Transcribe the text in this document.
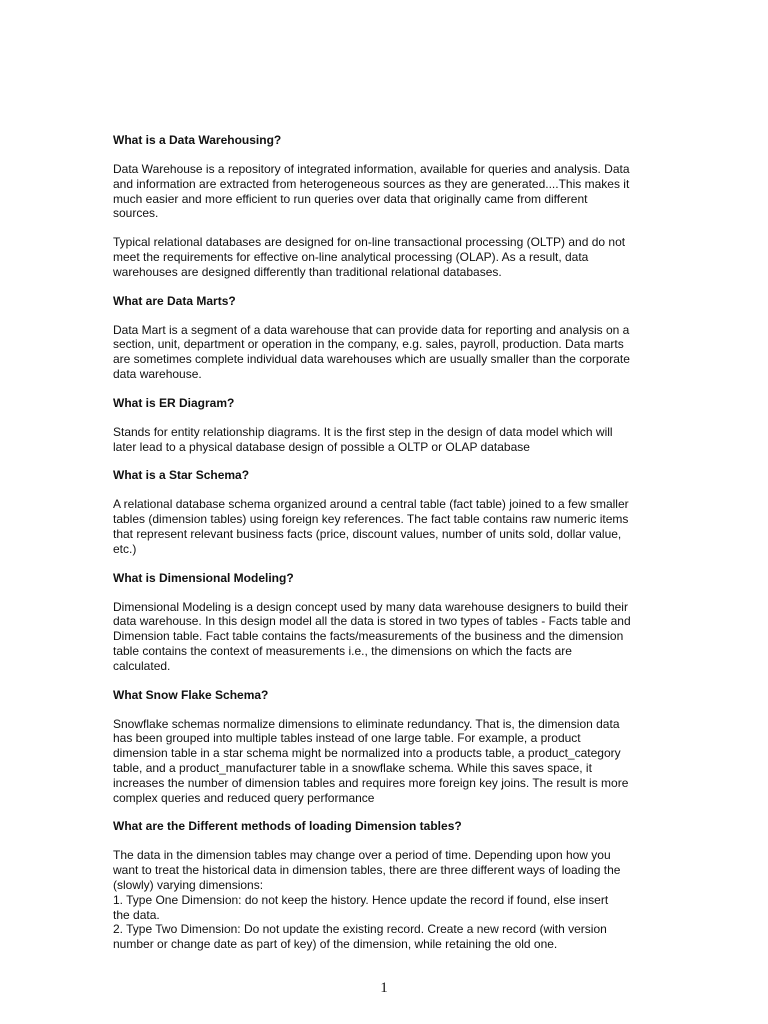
What is a Data Warehousing?
Data Warehouse is a repository of integrated information, available for queries and analysis. Data
and information are extracted from heterogeneous sources as they are generated....This makes it
much easier and more efficient to run queries over data that originally came from different
sources.
Typical relational databases are designed for on-line transactional processing (OLTP) and do not
meet the requirements for effective on-line analytical processing (OLAP). As a result, data
warehouses are designed differently than traditional relational databases.
What are Data Marts?
Data Mart is a segment of a data warehouse that can provide data for reporting and analysis on a
section, unit, department or operation in the company, e.g. sales, payroll, production. Data marts
are sometimes complete individual data warehouses which are usually smaller than the corporate
data warehouse.
What is ER Diagram?
Stands for entity relationship diagrams. It is the first step in the design of data model which will
later lead to a physical database design of possible a OLTP or OLAP database
What is a Star Schema?
A relational database schema organized around a central table (fact table) joined to a few smaller
tables (dimension tables) using foreign key references. The fact table contains raw numeric items
that represent relevant business facts (price, discount values, number of units sold, dollar value,
etc.)
What is Dimensional Modeling?
Dimensional Modeling is a design concept used by many data warehouse designers to build their
data warehouse. In this design model all the data is stored in two types of tables - Facts table and
Dimension table. Fact table contains the facts/measurements of the business and the dimension
table contains the context of measurements i.e., the dimensions on which the facts are
calculated.
What Snow Flake Schema?
Snowflake schemas normalize dimensions to eliminate redundancy. That is, the dimension data
has been grouped into multiple tables instead of one large table. For example, a product
dimension table in a star schema might be normalized into a products table, a product_category
table, and a product_manufacturer table in a snowflake schema. While this saves space, it
increases the number of dimension tables and requires more foreign key joins. The result is more
complex queries and reduced query performance
What are the Different methods of loading Dimension tables?
The data in the dimension tables may change over a period of time. Depending upon how you
want to treat the historical data in dimension tables, there are three different ways of loading the
(slowly) varying dimensions:
1. Type One Dimension: do not keep the history. Hence update the record if found, else insert
the data.
2. Type Two Dimension: Do not update the existing record. Create a new record (with version
number or change date as part of key) of the dimension, while retaining the old one.
1
